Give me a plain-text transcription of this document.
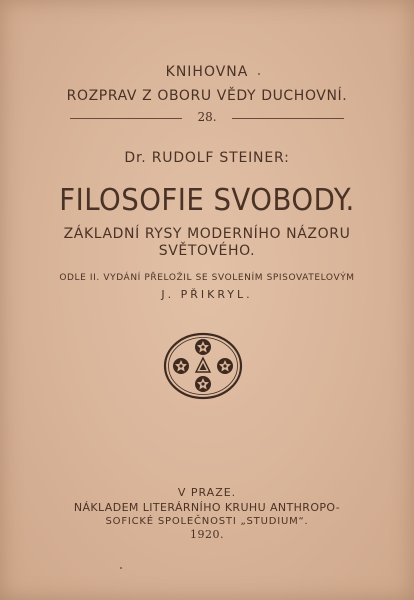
KNIHOVNA
ROZPRAV Z OBORU VĚDY DUCHOVNÍ.
28.
Dr. RUDOLF STEINER:
FILOSOFIE SVOBODY.
ZÁKLADNÍ RYSY MODERNÍHO NÁZORU
SVĚTOVÉHO.
ODLE II. VYDÁNÍ PŘELOŽIL SE SVOLENÍM SPISOVATELOVÝM
J. PŘIKRYL.
V PRAZE.
NÁKLADEM LITERÁRNÍHO KRUHU ANTHROPO-
SOFICKÉ SPOLEČNOSTI „STUDIUM“.
1920.
